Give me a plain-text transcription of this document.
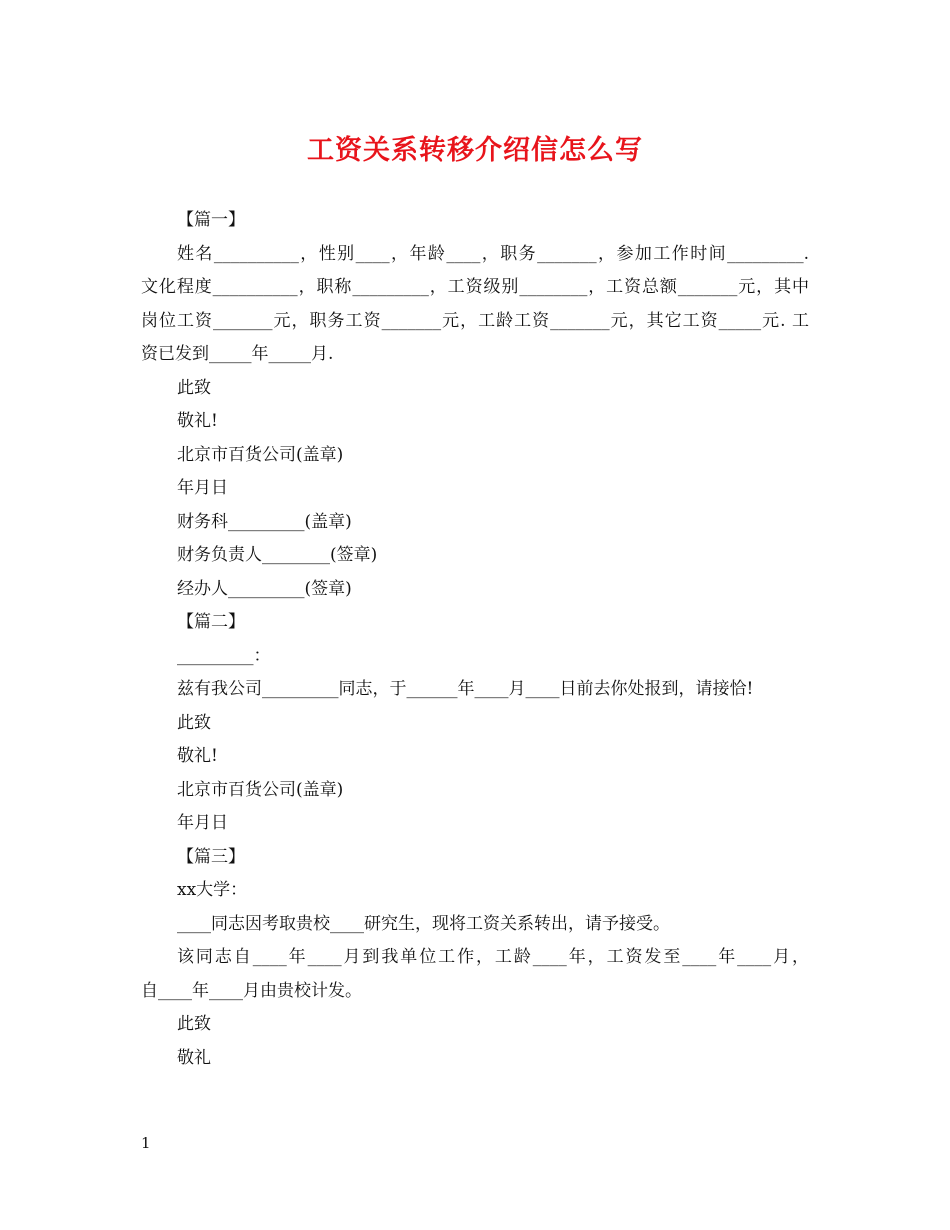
工资关系转移介绍信怎么写
【篇一】
姓名__________，性别____，年龄____，职务_______，参加工作时间_________.
文化程度__________，职称_________，工资级别________，工资总额_______元，其中
岗位工资_______元，职务工资_______元，工龄工资_______元，其它工资_____元. 工
资已发到_____年_____月.
此致
敬礼!
北京市百货公司(盖章)
年月日
财务科_________(盖章)
财务负责人________(签章)
经办人_________(签章)
【篇二】
_________：
兹有我公司_________同志，于______年____月____日前去你处报到，请接恰!
此致
敬礼!
北京市百货公司(盖章)
年月日
【篇三】
xx大学：
____同志因考取贵校____研究生，现将工资关系转出，请予接受。
该同志自____年____月到我单位工作，工龄____年，工资发至____年____月，
自____年____月由贵校计发。
此致
敬礼
1
